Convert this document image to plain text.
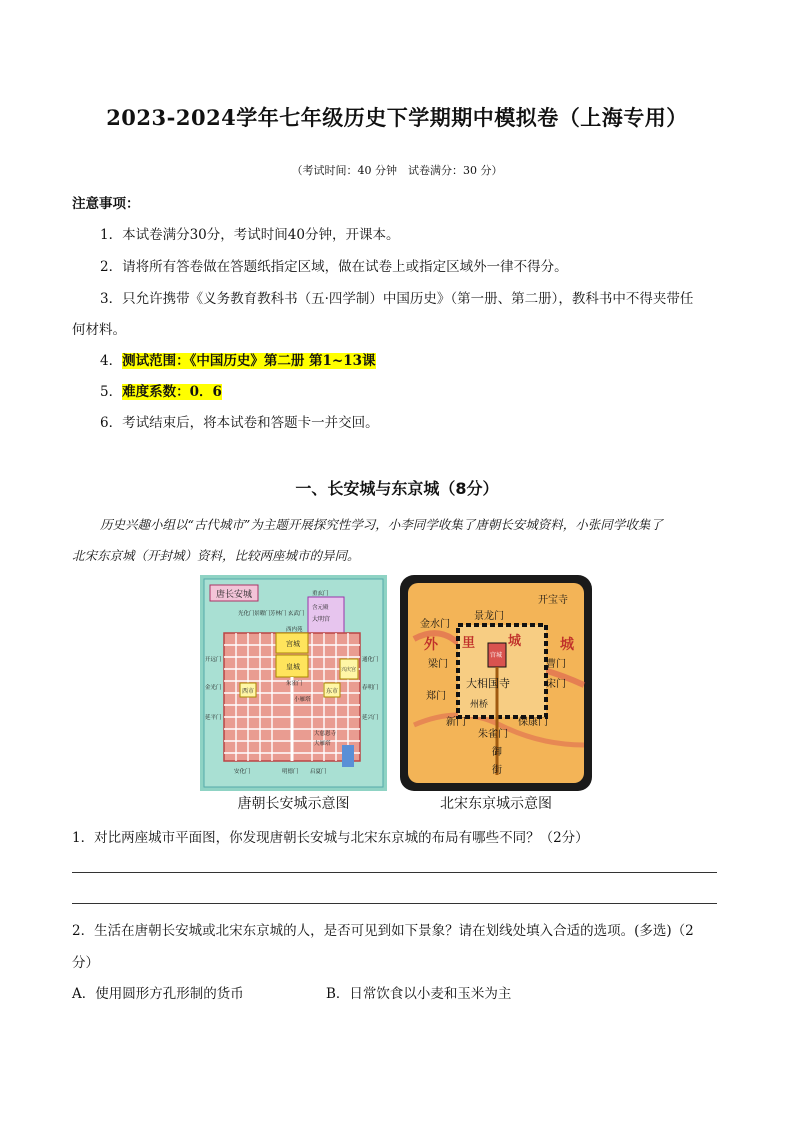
2023-2024学年七年级历史下学期期中模拟卷（上海专用）
（考试时间：40 分钟　试卷满分：30 分）
注意事项：
1．本试卷满分30分，考试时间40分钟，开课本。
2．请将所有答卷做在答题纸指定区域，做在试卷上或指定区域外一律不得分。
3．只允许携带《义务教育教科书（五·四学制）中国历史》（第一册、第二册），教科书中不得夹带任
何材料。
4．测试范围：《中国历史》第二册 第1~13课
5．难度系数：0．6
6．考试结束后，将本试卷和答题卡一并交回。
一、长安城与东京城（8分）
历史兴趣小组以“古代城市”为主题开展探究性学习，小李同学收集了唐朝长安城资料，小张同学收集了
北宋东京城（开封城）资料，比较两座城市的异同。
唐长安城
光化门 景曜门 芳林门 玄武门
重玄门
含元殿
大明宫
西内苑
宫城
皇城
朱雀门
西市	东市
兴庆宫
小雁塔
大慈恩寺
大雁塔
开远门
金光门
延平门
通化门
春明门
延兴门
安化门	明德门 启夏门
开宝寺
景龙门
金水门
外 里	城	城
宫城
梁门
郑门
大相国寺
州桥
新门
朱雀门
御
街
曹门
宋门
保康门
唐朝长安城示意图	北宋东京城示意图
1．对比两座城市平面图，你发现唐朝长安城与北宋东京城的布局有哪些不同？（2分）
2．生活在唐朝长安城或北宋东京城的人，是否可见到如下景象？请在划线处填入合适的选项。(多选)（2
分）
A．使用圆形方孔形制的货币	B．日常饮食以小麦和玉米为主
